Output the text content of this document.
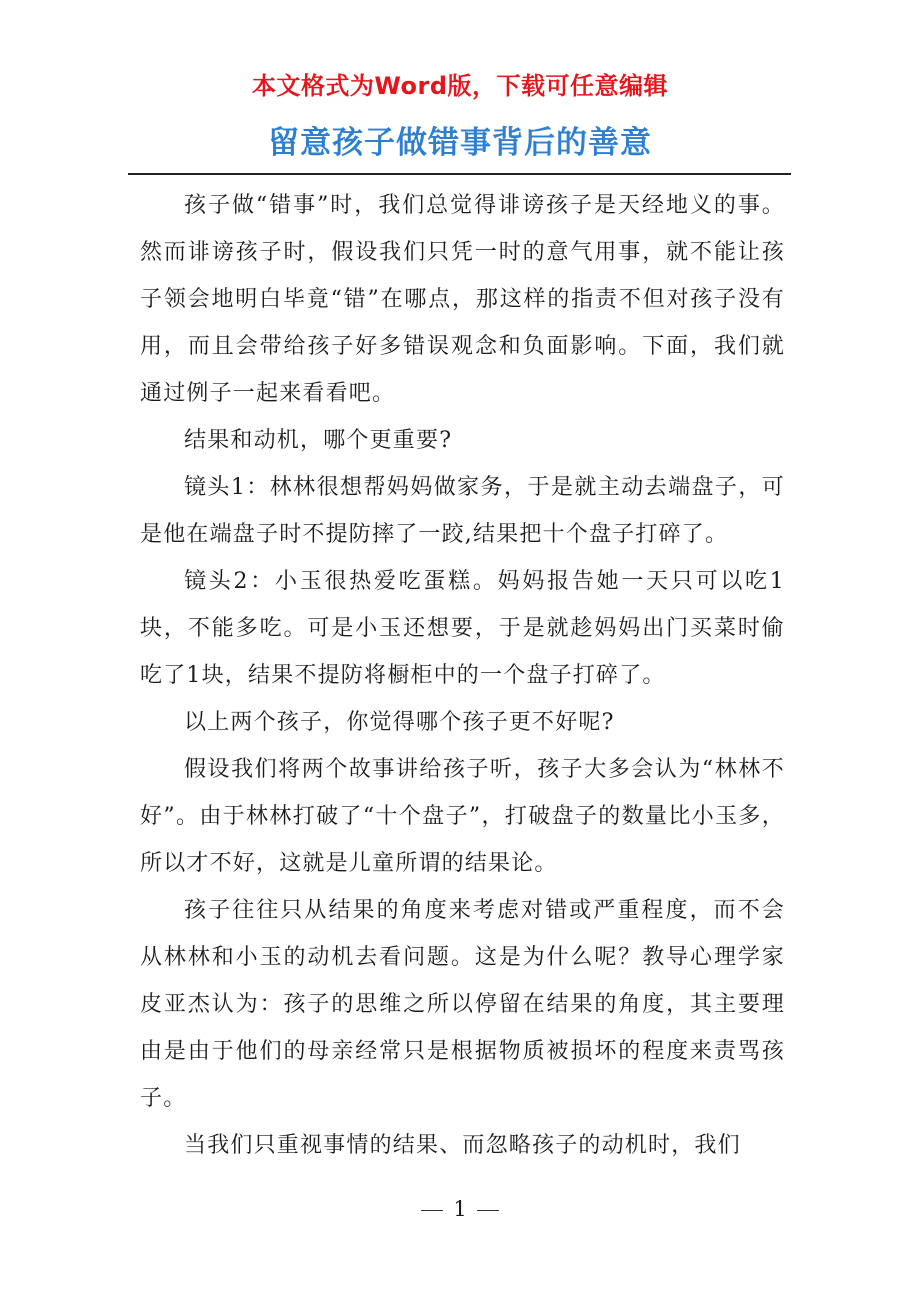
本文格式为Word版，下载可任意编辑
留意孩子做错事背后的善意

孩子做“错事”时，我们总觉得诽谤孩子是天经地义的事。然而诽谤孩子时，假设我们只凭一时的意气用事，就不能让孩子领会地明白毕竟“错”在哪点，那这样的指责不但对孩子没有用，而且会带给孩子好多错误观念和负面影响。下面，我们就通过例子一起来看看吧。

结果和动机，哪个更重要?

镜头1：林林很想帮妈妈做家务，于是就主动去端盘子，可是他在端盘子时不提防摔了一跤,结果把十个盘子打碎了。

镜头2：小玉很热爱吃蛋糕。妈妈报告她一天只可以吃1块，不能多吃。可是小玉还想要，于是就趁妈妈出门买菜时偷吃了1块，结果不提防将橱柜中的一个盘子打碎了。

以上两个孩子，你觉得哪个孩子更不好呢?

假设我们将两个故事讲给孩子听，孩子大多会认为“林林不好”。由于林林打破了“十个盘子”，打破盘子的数量比小玉多，所以才不好，这就是儿童所谓的结果论。

孩子往往只从结果的角度来考虑对错或严重程度，而不会从林林和小玉的动机去看问题。这是为什么呢？教导心理学家皮亚杰认为：孩子的思维之所以停留在结果的角度，其主要理由是由于他们的母亲经常只是根据物质被损坏的程度来责骂孩子。

当我们只重视事情的结果、而忽略孩子的动机时，我们

1
